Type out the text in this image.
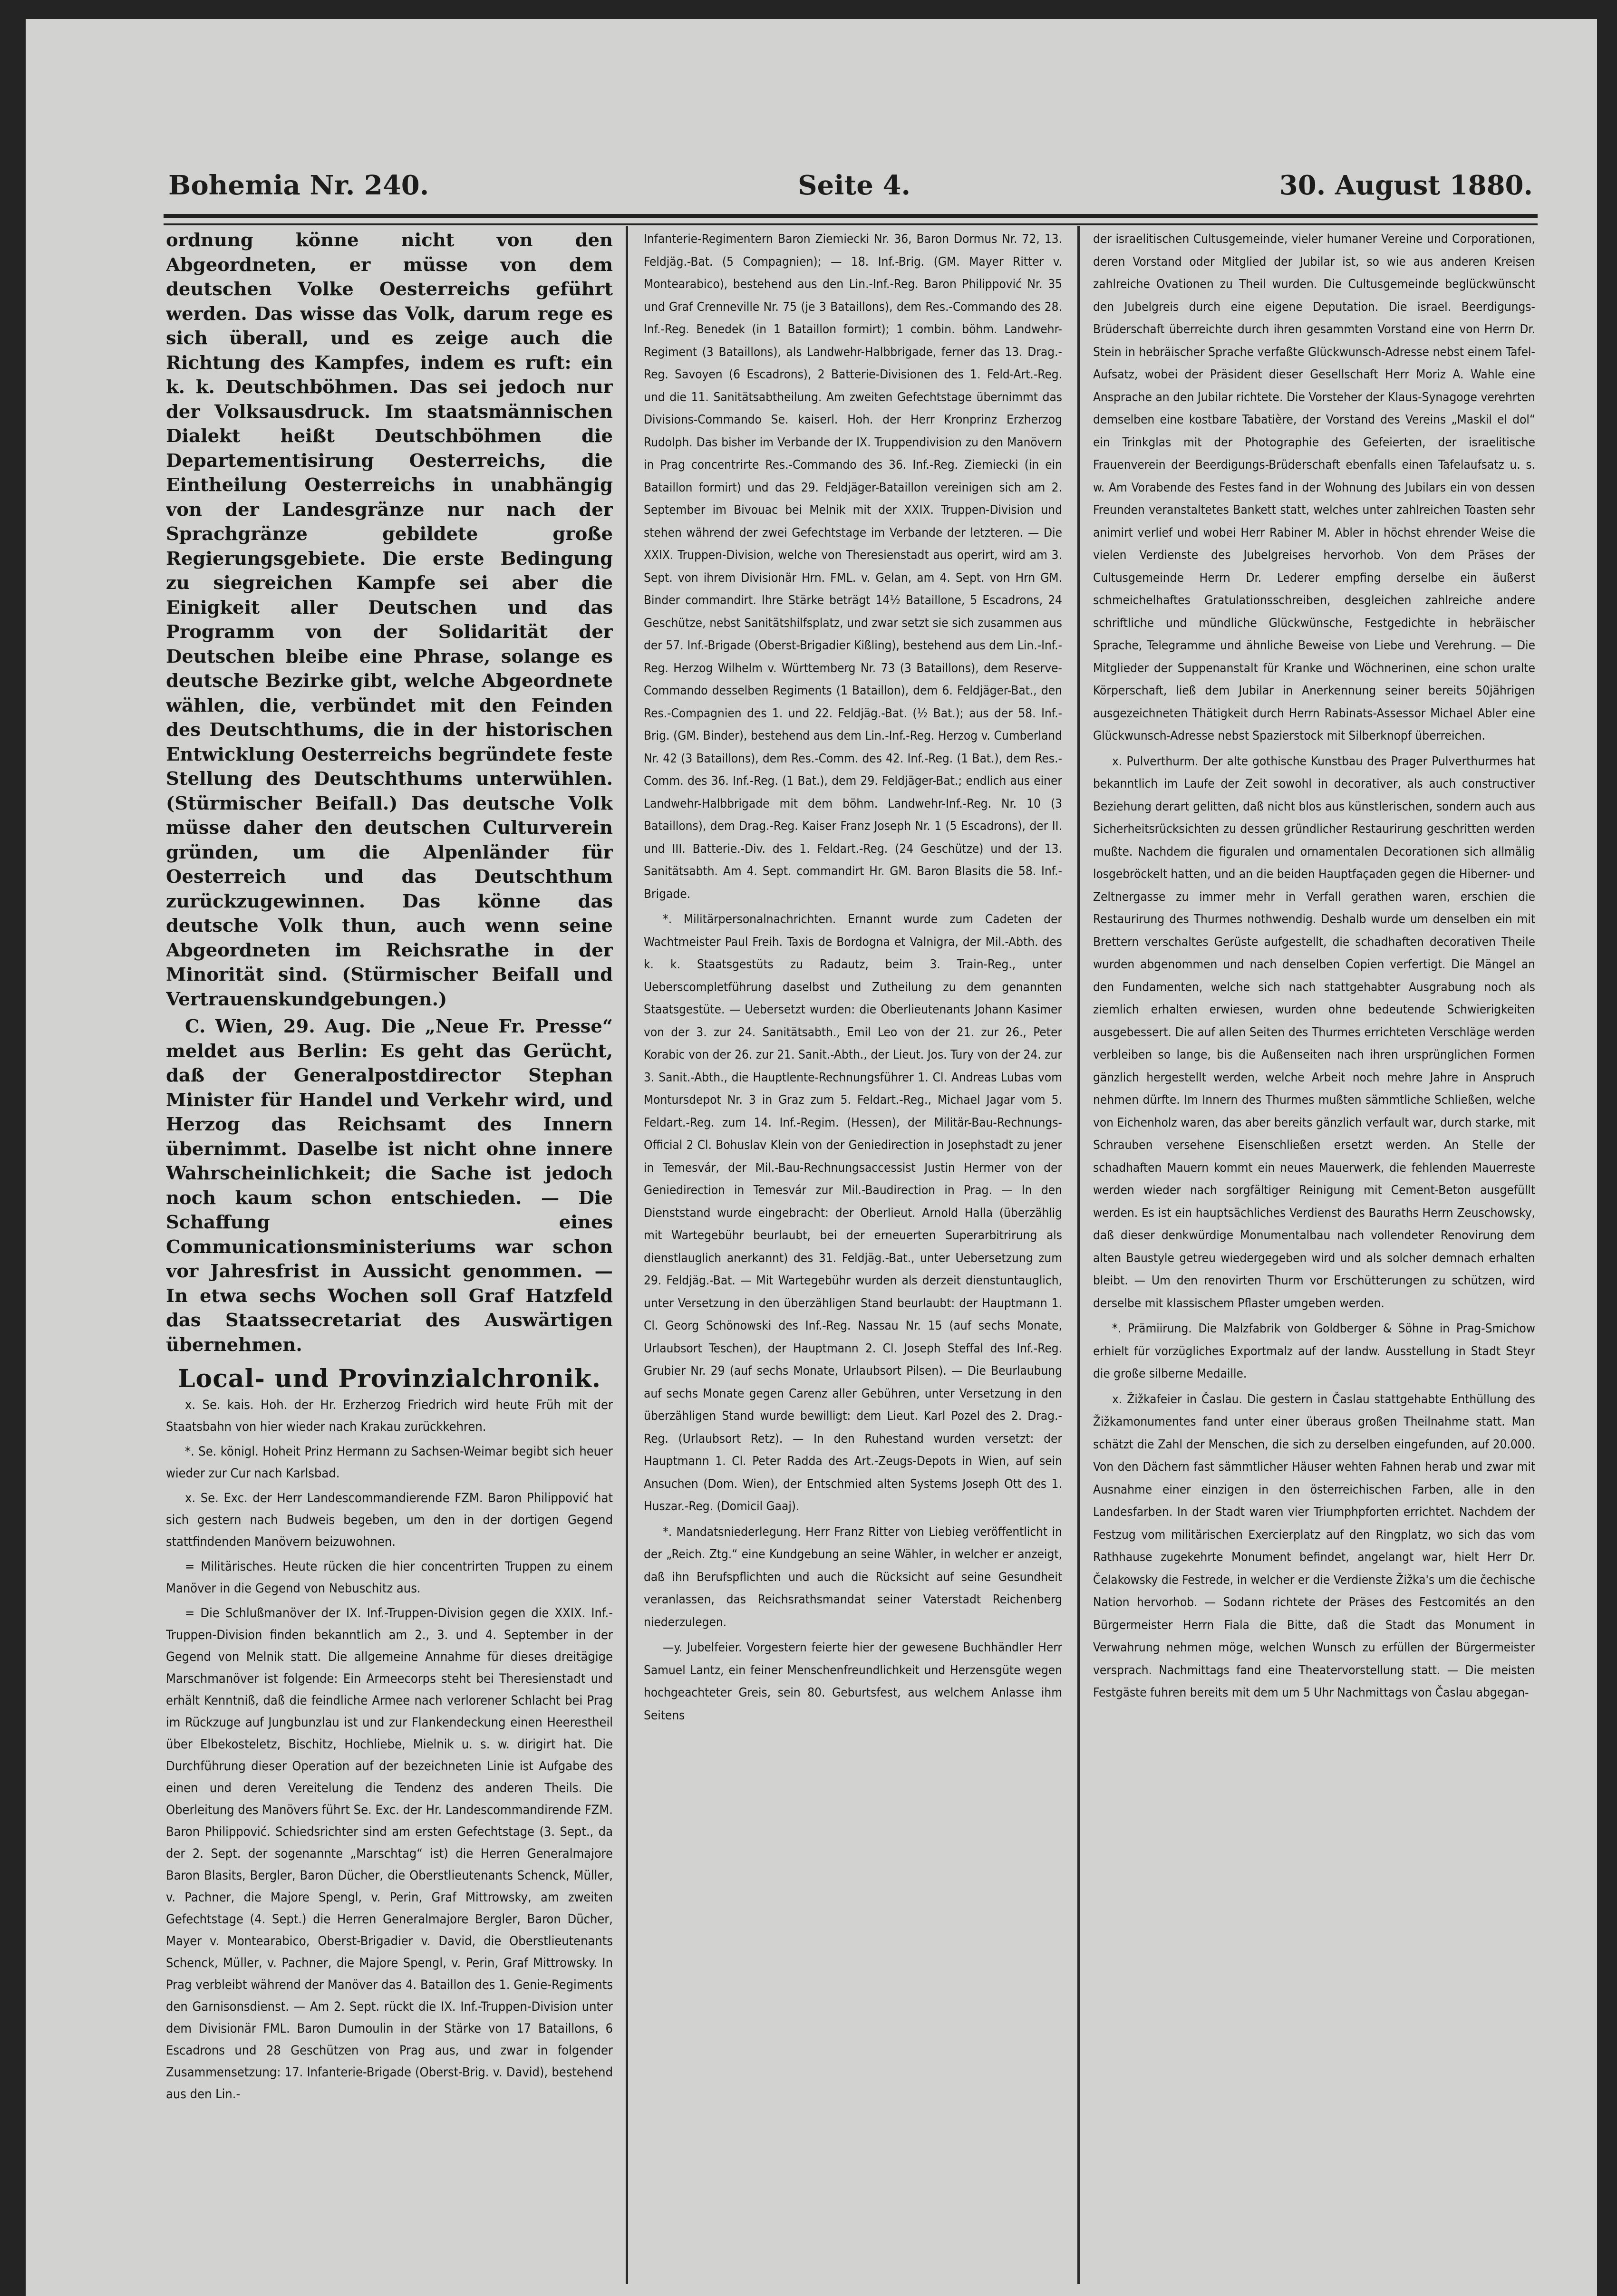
Bohemia Nr. 240.	Seite 4.	30. August 1880.

ordnung könne nicht von den Abgeordneten, er müsse von dem deutschen Volke Oesterreichs geführt werden. Das wisse das Volk, darum rege es sich überall, und es zeige auch die Richtung des Kampfes, indem es ruft: ein k. k. Deutschböhmen. Das sei jedoch nur der Volksausdruck. Im staatsmännischen Dialekt heißt Deutschböhmen die Departementisirung Oesterreichs, die Eintheilung Oesterreichs in unabhängig von der Landesgränze nur nach der Sprachgränze gebildete große Regierungsgebiete. Die erste Bedingung zu siegreichen Kampfe sei aber die Einigkeit aller Deutschen und das Programm von der Solidarität der Deutschen bleibe eine Phrase, solange es deutsche Bezirke gibt, welche Abgeordnete wählen, die, verbündet mit den Feinden des Deutschthums, die in der historischen Entwicklung Oesterreichs begründete feste Stellung des Deutschthums unterwühlen. (Stürmischer Beifall.) Das deutsche Volk müsse daher den deutschen Culturverein gründen, um die Alpenländer für Oesterreich und das Deutschthum zurückzugewinnen. Das könne das deutsche Volk thun, auch wenn seine Abgeordneten im Reichsrathe in der Minorität sind. (Stürmischer Beifall und Vertrauenskundgebungen.)

C. Wien, 29. Aug. Die „Neue Fr. Presse“ meldet aus Berlin: Es geht das Gerücht, daß der Generalpostdirector Stephan Minister für Handel und Verkehr wird, und Herzog das Reichsamt des Innern übernimmt. Daselbe ist nicht ohne innere Wahrscheinlichkeit; die Sache ist jedoch noch kaum schon entschieden. — Die Schaffung eines Communicationsministeriums war schon vor Jahresfrist in Aussicht genommen. — In etwa sechs Wochen soll Graf Hatzfeld das Staatssecretariat des Auswärtigen übernehmen.

Local- und Provinzialchronik.

x. Se. kais. Hoh. der Hr. Erzherzog Friedrich wird heute Früh mit der Staatsbahn von hier wieder nach Krakau zurückkehren.

*. Se. königl. Hoheit Prinz Hermann zu Sachsen-Weimar begibt sich heuer wieder zur Cur nach Karlsbad.

x. Se. Exc. der Herr Landescommandierende FZM. Baron Philippović hat sich gestern nach Budweis begeben, um den in der dortigen Gegend stattfindenden Manövern beizuwohnen.

= Militärisches. Heute rücken die hier concentrirten Truppen zu einem Manöver in die Gegend von Nebuschitz aus.

= Die Schlußmanöver der IX. Inf.-Truppen-Division gegen die XXIX. Inf.-Truppen-Division finden bekanntlich am 2., 3. und 4. September in der Gegend von Melnik statt. Die allgemeine Annahme für dieses dreitägige Marschmanöver ist folgende: Ein Armeecorps steht bei Theresienstadt und erhält Kenntniß, daß die feindliche Armee nach verlorener Schlacht bei Prag im Rückzuge auf Jungbunzlau ist und zur Flankendeckung einen Heerestheil über Elbekosteletz, Bischitz, Hochliebe, Mielnik u. s. w. dirigirt hat. Die Durchführung dieser Operation auf der bezeichneten Linie ist Aufgabe des einen und deren Vereitelung die Tendenz des anderen Theils. Die Oberleitung des Manövers führt Se. Exc. der Hr. Landescommandirende FZM. Baron Philippović. Schiedsrichter sind am ersten Gefechtstage (3. Sept., da der 2. Sept. der sogenannte „Marschtag“ ist) die Herren Generalmajore Baron Blasits, Bergler, Baron Dücher, die Oberstlieutenants Schenck, Müller, v. Pachner, die Majore Spengl, v. Perin, Graf Mittrowsky, am zweiten Gefechtstage (4. Sept.) die Herren Generalmajore Bergler, Baron Dücher, Mayer v. Montearabico, Oberst-Brigadier v. David, die Oberstlieutenants Schenck, Müller, v. Pachner, die Majore Spengl, v. Perin, Graf Mittrowsky. In Prag verbleibt während der Manöver das 4. Bataillon des 1. Genie-Regiments den Garnisonsdienst. — Am 2. Sept. rückt die IX. Inf.-Truppen-Division unter dem Divisionär FML. Baron Dumoulin in der Stärke von 17 Bataillons, 6 Escadrons und 28 Geschützen von Prag aus, und zwar in folgender Zusammensetzung: 17. Infanterie-Brigade (Oberst-Brig. v. David), bestehend aus den Lin.-

Infanterie-Regimentern Baron Ziemiecki Nr. 36, Baron Dormus Nr. 72, 13. Feldjäg.-Bat. (5 Compagnien); — 18. Inf.-Brig. (GM. Mayer Ritter v. Montearabico), bestehend aus den Lin.-Inf.-Reg. Baron Philippović Nr. 35 und Graf Crenneville Nr. 75 (je 3 Bataillons), dem Res.-Commando des 28. Inf.-Reg. Benedek (in 1 Bataillon formirt); 1 combin. böhm. Landwehr-Regiment (3 Bataillons), als Landwehr-Halbbrigade, ferner das 13. Drag.-Reg. Savoyen (6 Escadrons), 2 Batterie-Divisionen des 1. Feld-Art.-Reg. und die 11. Sanitätsabtheilung. Am zweiten Gefechtstage übernimmt das Divisions-Commando Se. kaiserl. Hoh. der Herr Kronprinz Erzherzog Rudolph. Das bisher im Verbande der IX. Truppendivision zu den Manövern in Prag concentrirte Res.-Commando des 36. Inf.-Reg. Ziemiecki (in ein Bataillon formirt) und das 29. Feldjäger-Bataillon vereinigen sich am 2. September im Bivouac bei Melnik mit der XXIX. Truppen-Division und stehen während der zwei Gefechtstage im Verbande der letzteren. — Die XXIX. Truppen-Division, welche von Theresienstadt aus operirt, wird am 3. Sept. von ihrem Divisionär Hrn. FML. v. Gelan, am 4. Sept. von Hrn GM. Binder commandirt. Ihre Stärke beträgt 14½ Bataillone, 5 Escadrons, 24 Geschütze, nebst Sanitätshilfsplatz, und zwar setzt sie sich zusammen aus der 57. Inf.-Brigade (Oberst-Brigadier Kißling), bestehend aus dem Lin.-Inf.-Reg. Herzog Wilhelm v. Württemberg Nr. 73 (3 Bataillons), dem Reserve-Commando desselben Regiments (1 Bataillon), dem 6. Feldjäger-Bat., den Res.-Compagnien des 1. und 22. Feldjäg.-Bat. (½ Bat.); aus der 58. Inf.-Brig. (GM. Binder), bestehend aus dem Lin.-Inf.-Reg. Herzog v. Cumberland Nr. 42 (3 Bataillons), dem Res.-Comm. des 42. Inf.-Reg. (1 Bat.), dem Res.-Comm. des 36. Inf.-Reg. (1 Bat.), dem 29. Feldjäger-Bat.; endlich aus einer Landwehr-Halbbrigade mit dem böhm. Landwehr-Inf.-Reg. Nr. 10 (3 Bataillons), dem Drag.-Reg. Kaiser Franz Joseph Nr. 1 (5 Escadrons), der II. und III. Batterie.-Div. des 1. Feldart.-Reg. (24 Geschütze) und der 13. Sanitätsabth. Am 4. Sept. commandirt Hr. GM. Baron Blasits die 58. Inf.-Brigade.

*. Militärpersonalnachrichten. Ernannt wurde zum Cadeten der Wachtmeister Paul Freih. Taxis de Bordogna et Valnigra, der Mil.-Abth. des k. k. Staatsgestüts zu Radautz, beim 3. Train-Reg., unter Ueberscompletführung daselbst und Zutheilung zu dem genannten Staatsgestüte. — Uebersetzt wurden: die Oberlieutenants Johann Kasimer von der 3. zur 24. Sanitätsabth., Emil Leo von der 21. zur 26., Peter Korabic von der 26. zur 21. Sanit.-Abth., der Lieut. Jos. Tury von der 24. zur 3. Sanit.-Abth., die Hauptlente-Rechnungsführer 1. Cl. Andreas Lubas vom Montursdepot Nr. 3 in Graz zum 5. Feldart.-Reg., Michael Jagar vom 5. Feldart.-Reg. zum 14. Inf.-Regim. (Hessen), der Militär-Bau-Rechnungs-Official 2 Cl. Bohuslav Klein von der Geniedirection in Josephstadt zu jener in Temesvár, der Mil.-Bau-Rechnungsaccessist Justin Hermer von der Geniedirection in Temesvár zur Mil.-Baudirection in Prag. — In den Dienststand wurde eingebracht: der Oberlieut. Arnold Halla (überzählig mit Wartegebühr beurlaubt, bei der erneuerten Superarbitrirung als dienstlauglich anerkannt) des 31. Feldjäg.-Bat., unter Uebersetzung zum 29. Feldjäg.-Bat. — Mit Wartegebühr wurden als derzeit dienstuntauglich, unter Versetzung in den überzähligen Stand beurlaubt: der Hauptmann 1. Cl. Georg Schönowski des Inf.-Reg. Nassau Nr. 15 (auf sechs Monate, Urlaubsort Teschen), der Hauptmann 2. Cl. Joseph Steffal des Inf.-Reg. Grubier Nr. 29 (auf sechs Monate, Urlaubsort Pilsen). — Die Beurlaubung auf sechs Monate gegen Carenz aller Gebühren, unter Versetzung in den überzähligen Stand wurde bewilligt: dem Lieut. Karl Pozel des 2. Drag.-Reg. (Urlaubsort Retz). — In den Ruhestand wurden versetzt: der Hauptmann 1. Cl. Peter Radda des Art.-Zeugs-Depots in Wien, auf sein Ansuchen (Dom. Wien), der Entschmied alten Systems Joseph Ott des 1. Huszar.-Reg. (Domicil Gaaj).

*. Mandatsniederlegung. Herr Franz Ritter von Liebieg veröffentlicht in der „Reich. Ztg.“ eine Kundgebung an seine Wähler, in welcher er anzeigt, daß ihn Berufspflichten und auch die Rücksicht auf seine Gesundheit veranlassen, das Reichsrathsmandat seiner Vaterstadt Reichenberg niederzulegen.

—y. Jubelfeier. Vorgestern feierte hier der gewesene Buchhändler Herr Samuel Lantz, ein feiner Menschenfreundlichkeit und Herzensgüte wegen hochgeachteter Greis, sein 80. Geburtsfest, aus welchem Anlasse ihm Seitens

der israelitischen Cultusgemeinde, vieler humaner Vereine und Corporationen, deren Vorstand oder Mitglied der Jubilar ist, so wie aus anderen Kreisen zahlreiche Ovationen zu Theil wurden. Die Cultusgemeinde beglückwünscht den Jubelgreis durch eine eigene Deputation. Die israel. Beerdigungs-Brüderschaft überreichte durch ihren gesammten Vorstand eine von Herrn Dr. Stein in hebräischer Sprache verfaßte Glückwunsch-Adresse nebst einem Tafel-Aufsatz, wobei der Präsident dieser Gesellschaft Herr Moriz A. Wahle eine Ansprache an den Jubilar richtete. Die Vorsteher der Klaus-Synagoge verehrten demselben eine kostbare Tabatière, der Vorstand des Vereins „Maskil el dol“ ein Trinkglas mit der Photographie des Gefeierten, der israelitische Frauenverein der Beerdigungs-Brüderschaft ebenfalls einen Tafelaufsatz u. s. w. Am Vorabende des Festes fand in der Wohnung des Jubilars ein von dessen Freunden veranstaltetes Bankett statt, welches unter zahlreichen Toasten sehr animirt verlief und wobei Herr Rabiner M. Abler in höchst ehrender Weise die vielen Verdienste des Jubelgreises hervorhob. Von dem Präses der Cultusgemeinde Herrn Dr. Lederer empfing derselbe ein äußerst schmeichelhaftes Gratulationsschreiben, desgleichen zahlreiche andere schriftliche und mündliche Glückwünsche, Festgedichte in hebräischer Sprache, Telegramme und ähnliche Beweise von Liebe und Verehrung. — Die Mitglieder der Suppenanstalt für Kranke und Wöchnerinen, eine schon uralte Körperschaft, ließ dem Jubilar in Anerkennung seiner bereits 50jährigen ausgezeichneten Thätigkeit durch Herrn Rabinats-Assessor Michael Abler eine Glückwunsch-Adresse nebst Spazierstock mit Silberknopf überreichen.

x. Pulverthurm. Der alte gothische Kunstbau des Prager Pulverthurmes hat bekanntlich im Laufe der Zeit sowohl in decorativer, als auch constructiver Beziehung derart gelitten, daß nicht blos aus künstlerischen, sondern auch aus Sicherheitsrücksichten zu dessen gründlicher Restaurirung geschritten werden mußte. Nachdem die figuralen und ornamentalen Decorationen sich allmälig losgebröckelt hatten, und an die beiden Hauptfaçaden gegen die Hiberner- und Zeltnergasse zu immer mehr in Verfall gerathen waren, erschien die Restaurirung des Thurmes nothwendig. Deshalb wurde um denselben ein mit Brettern verschaltes Gerüste aufgestellt, die schadhaften decorativen Theile wurden abgenommen und nach denselben Copien verfertigt. Die Mängel an den Fundamenten, welche sich nach stattgehabter Ausgrabung noch als ziemlich erhalten erwiesen, wurden ohne bedeutende Schwierigkeiten ausgebessert. Die auf allen Seiten des Thurmes errichteten Verschläge werden verbleiben so lange, bis die Außenseiten nach ihren ursprünglichen Formen gänzlich hergestellt werden, welche Arbeit noch mehre Jahre in Anspruch nehmen dürfte. Im Innern des Thurmes mußten sämmtliche Schließen, welche von Eichenholz waren, das aber bereits gänzlich verfault war, durch starke, mit Schrauben versehene Eisenschließen ersetzt werden. An Stelle der schadhaften Mauern kommt ein neues Mauerwerk, die fehlenden Mauerreste werden wieder nach sorgfältiger Reinigung mit Cement-Beton ausgefüllt werden. Es ist ein hauptsächliches Verdienst des Bauraths Herrn Zeuschowsky, daß dieser denkwürdige Monumentalbau nach vollendeter Renovirung dem alten Baustyle getreu wiedergegeben wird und als solcher demnach erhalten bleibt. — Um den renovirten Thurm vor Erschütterungen zu schützen, wird derselbe mit klassischem Pflaster umgeben werden.

*. Prämiirung. Die Malzfabrik von Goldberger & Söhne in Prag-Smichow erhielt für vorzügliches Exportmalz auf der landw. Ausstellung in Stadt Steyr die große silberne Medaille.

x. Žižkafeier in Časlau. Die gestern in Časlau stattgehabte Enthüllung des Žižkamonumentes fand unter einer überaus großen Theilnahme statt. Man schätzt die Zahl der Menschen, die sich zu derselben eingefunden, auf 20.000. Von den Dächern fast sämmtlicher Häuser wehten Fahnen herab und zwar mit Ausnahme einer einzigen in den österreichischen Farben, alle in den Landesfarben. In der Stadt waren vier Triumphpforten errichtet. Nachdem der Festzug vom militärischen Exercierplatz auf den Ringplatz, wo sich das vom Rathhause zugekehrte Monument befindet, angelangt war, hielt Herr Dr. Čelakowsky die Festrede, in welcher er die Verdienste Žižka's um die čechische Nation hervorhob. — Sodann richtete der Präses des Festcomités an den Bürgermeister Herrn Fiala die Bitte, daß die Stadt das Monument in Verwahrung nehmen möge, welchen Wunsch zu erfüllen der Bürgermeister versprach. Nachmittags fand eine Theatervorstellung statt. — Die meisten Festgäste fuhren bereits mit dem um 5 Uhr Nachmittags von Časlau abgegan-
